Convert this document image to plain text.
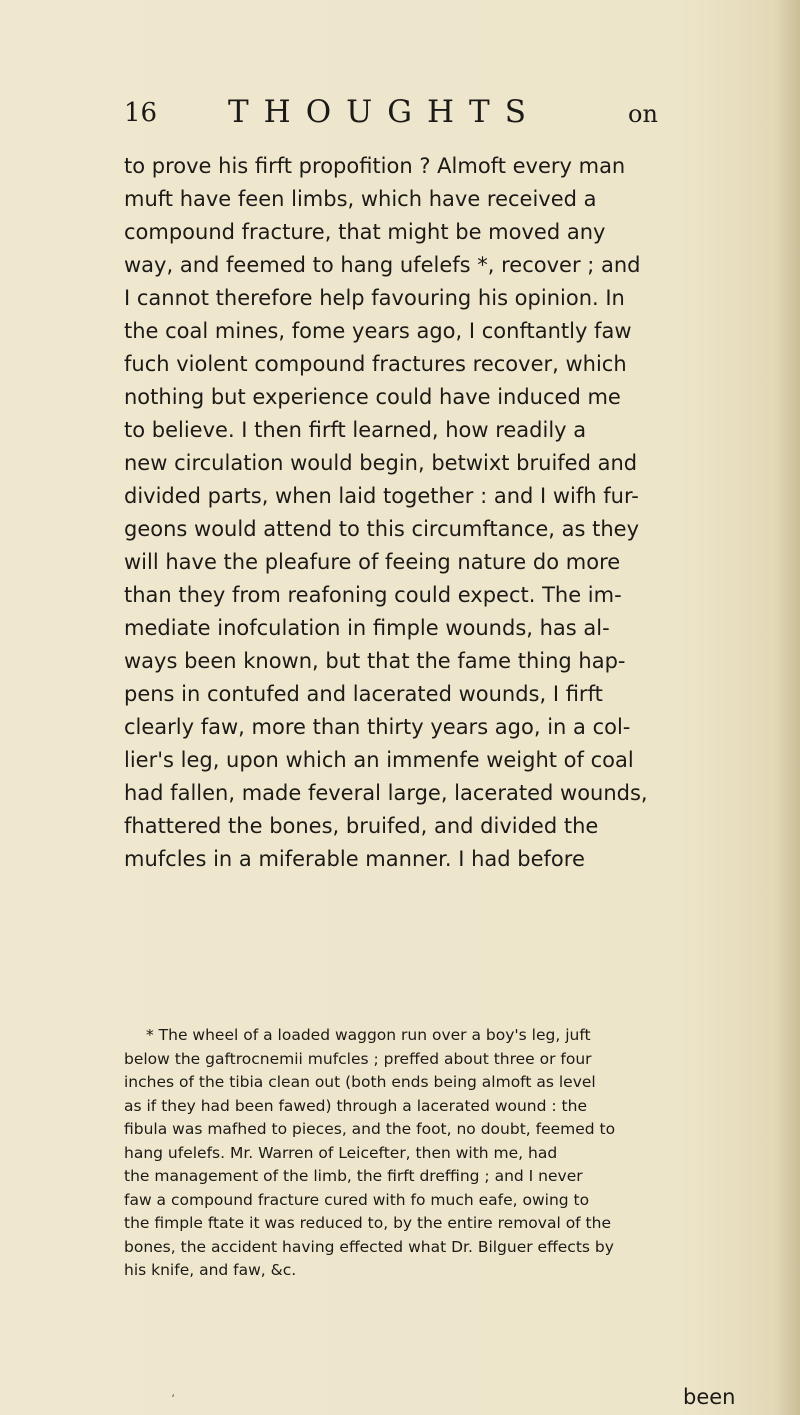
16 THOUGHTS	on
to prove his firft propofition ? Almoft every man
muft have feen limbs, which have received a
compound fracture, that might be moved any
way, and feemed to hang ufelefs *, recover ; and
I cannot therefore help favouring his opinion. In
the coal mines, fome years ago, I conftantly faw
fuch violent compound fractures recover, which
nothing but experience could have induced me
to believe. I then firft learned, how readily a
new circulation would begin, betwixt bruifed and
divided parts, when laid together : and I wifh fur-
geons would attend to this circumftance, as they
will have the pleafure of feeing nature do more
than they from reafoning could expect. The im-
mediate inofculation in fimple wounds, has al-
ways been known, but that the fame thing hap-
pens in contufed and lacerated wounds, I firft
clearly faw, more than thirty years ago, in a col-
lier's leg, upon which an immenfe weight of coal
had fallen, made feveral large, lacerated wounds,
fhattered the bones, bruifed, and divided the
mufcles in a miferable manner. I had before
* The wheel of a loaded waggon run over a boy's leg, juft
below the gaftrocnemii mufcles ; preffed about three or four
inches of the tibia clean out (both ends being almoft as level
as if they had been fawed) through a lacerated wound : the
fibula was mafhed to pieces, and the foot, no doubt, feemed to
hang ufelefs. Mr. Warren of Leicefter, then with me, had
the management of the limb, the firft dreffing ; and I never
faw a compound fracture cured with fo much eafe, owing to
the fimple ftate it was reduced to, by the entire removal of the
bones, the accident having effected what Dr. Bilguer effects by
his knife, and faw, &c.
‘	been
